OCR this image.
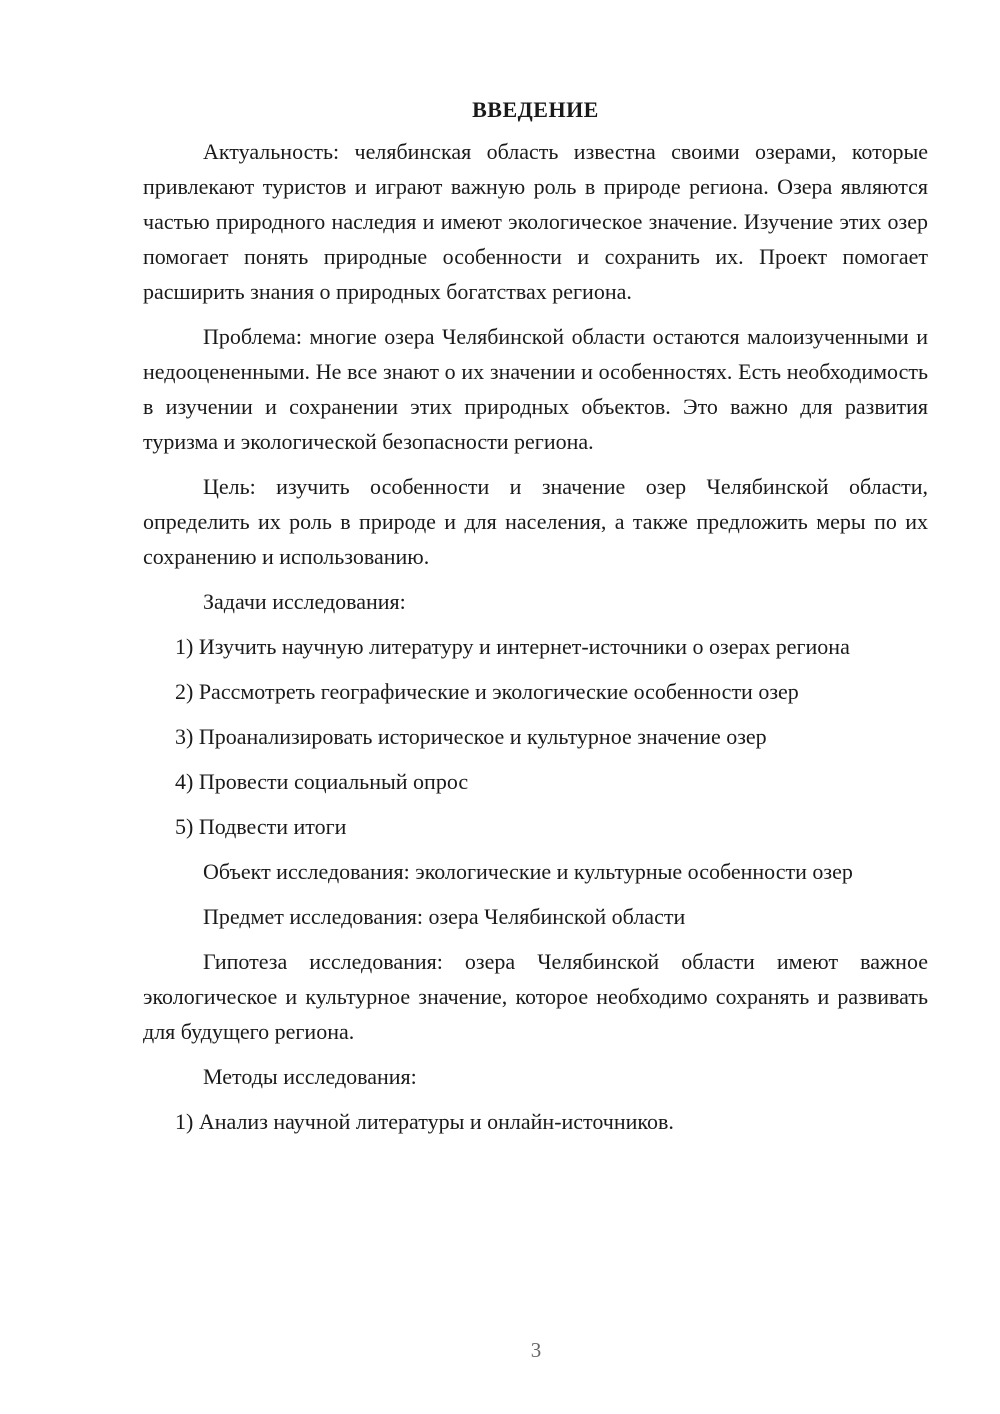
ВВЕДЕНИЕ

Актуальность: челябинская область известна своими озерами, которые привлекают туристов и играют важную роль в природе региона. Озера являются частью природного наследия и имеют экологическое значение. Изучение этих озер помогает понять природные особенности и сохранить их. Проект помогает расширить знания о природных богатствах региона.

Проблема: многие озера Челябинской области остаются малоизученными и недооцененными. Не все знают о их значении и особенностях. Есть необходимость в изучении и сохранении этих природных объектов. Это важно для развития туризма и экологической безопасности региона.

Цель: изучить особенности и значение озер Челябинской области, определить их роль в природе и для населения, а также предложить меры по их сохранению и использованию.

Задачи исследования:

1) Изучить научную литературу и интернет-источники о озерах региона

2) Рассмотреть географические и экологические особенности озер

3) Проанализировать историческое и культурное значение озер

4) Провести социальный опрос

5) Подвести итоги

Объект исследования: экологические и культурные особенности озер

Предмет исследования: озера Челябинской области

Гипотеза исследования: озера Челябинской области имеют важное экологическое и культурное значение, которое необходимо сохранять и развивать для будущего региона.

Методы исследования:

1) Анализ научной литературы и онлайн-источников.

3
